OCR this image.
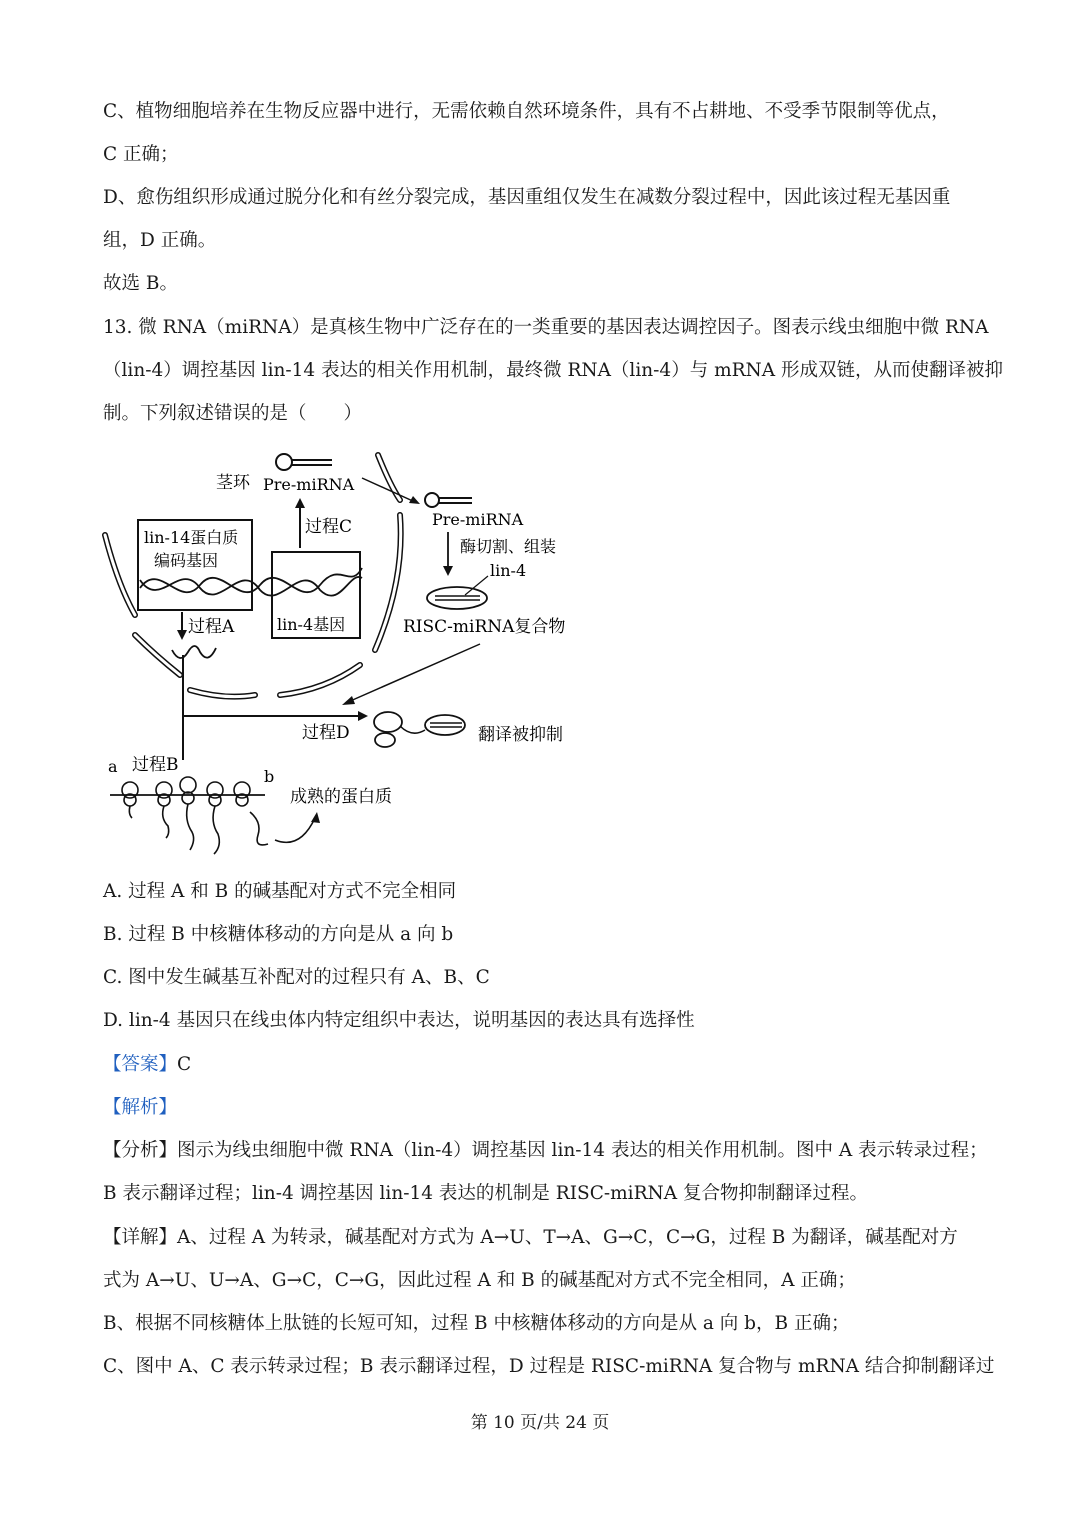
C、植物细胞培养在生物反应器中进行，无需依赖自然环境条件，具有不占耕地、不受季节限制等优点，
C 正确；
D、愈伤组织形成通过脱分化和有丝分裂完成，基因重组仅发生在减数分裂过程中，因此该过程无基因重
组，D 正确。
故选 B。
13. 微 RNA（miRNA）是真核生物中广泛存在的一类重要的基因表达调控因子。图表示线虫细胞中微 RNA
（lin-4）调控基因 lin-14 表达的相关作用机制，最终微 RNA（lin-4）与 mRNA 形成双链，从而使翻译被抑
制。下列叙述错误的是（　　）
茎环 Pre-miRNA
过程C
lin-14蛋白质
编码基因
lin-4基因
过程A
Pre-miRNA
酶切割、组装
lin-4
RISC-miRNA复合物
过程D	翻译被抑制
a 过程B
b
成熟的蛋白质
A. 过程 A 和 B 的碱基配对方式不完全相同
B. 过程 B 中核糖体移动的方向是从 a 向 b
C. 图中发生碱基互补配对的过程只有 A、B、C
D. lin-4 基因只在线虫体内特定组织中表达，说明基因的表达具有选择性
【答案】C
【解析】
【分析】图示为线虫细胞中微 RNA（lin-4）调控基因 lin-14 表达的相关作用机制。图中 A 表示转录过程；
B 表示翻译过程；lin-4 调控基因 lin-14 表达的机制是 RISC-miRNA 复合物抑制翻译过程。
【详解】A、过程 A 为转录，碱基配对方式为 A→U、T→A、G→C，C→G，过程 B 为翻译，碱基配对方
式为 A→U、U→A、G→C，C→G，因此过程 A 和 B 的碱基配对方式不完全相同，A 正确；
B、根据不同核糖体上肽链的长短可知，过程 B 中核糖体移动的方向是从 a 向 b，B 正确；
C、图中 A、C 表示转录过程；B 表示翻译过程，D 过程是 RISC-miRNA 复合物与 mRNA 结合抑制翻译过
第 10 页/共 24 页
